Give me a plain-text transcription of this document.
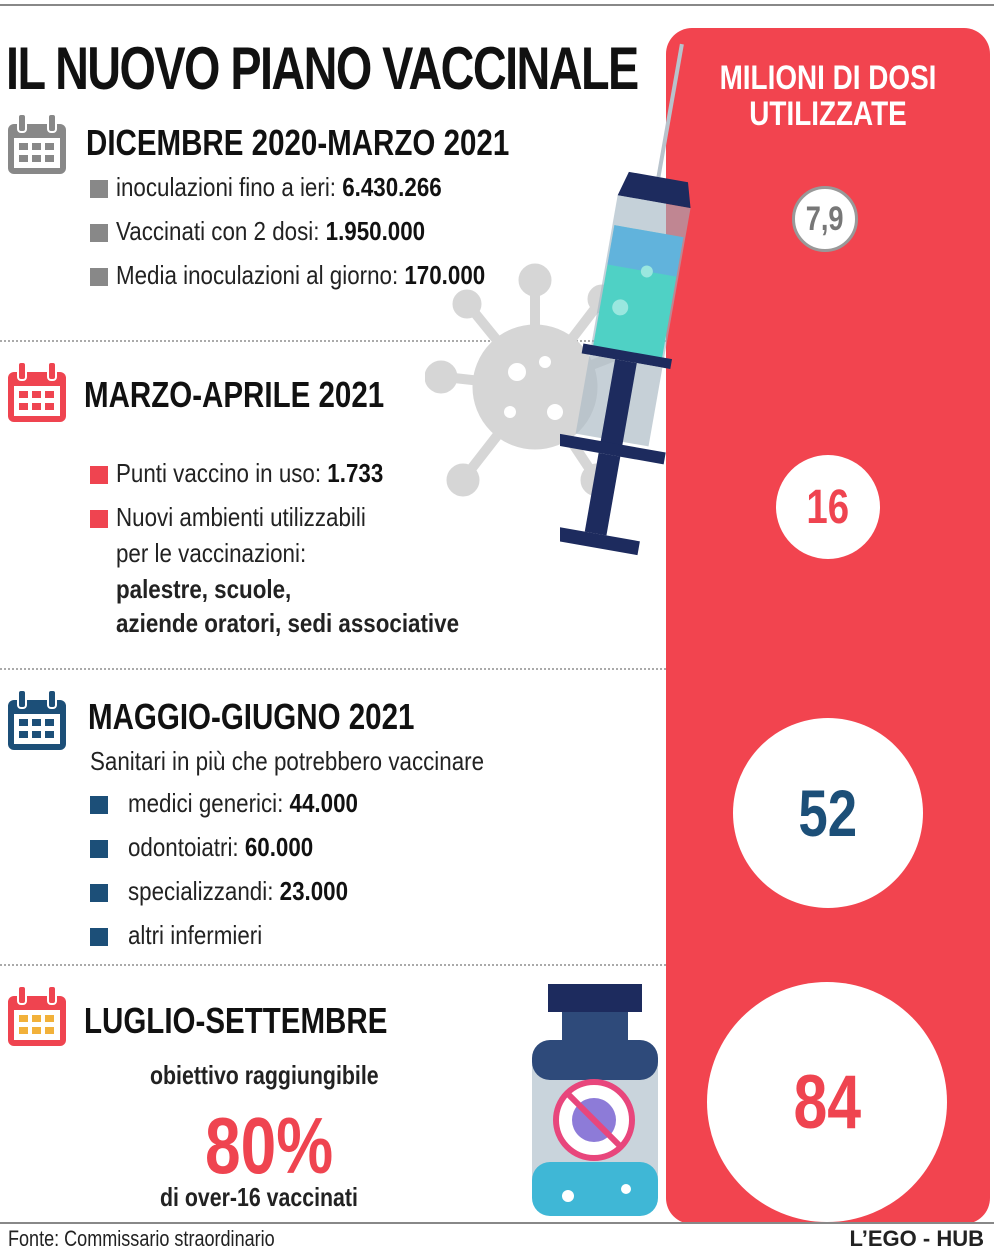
IL NUOVO PIANO VACCINALE	MILIONI DI DOSI
UTILIZZATE
7,9
16
52
84
DICEMBRE 2020-MARZO 2021
inoculazioni fino a ieri: 6.430.266
Vaccinati con 2 dosi: 1.950.000
Media inoculazioni al giorno: 170.000
MARZO-APRILE 2021
Punti vaccino in uso: 1.733
Nuovi ambienti utilizzabili
per le vaccinazioni:
palestre, scuole,
aziende oratori, sedi associative
MAGGIO-GIUGNO 2021
Sanitari in più che potrebbero vaccinare
medici generici: 44.000
odontoiatri: 60.000
specializzandi: 23.000
altri infermieri
LUGLIO-SETTEMBRE
obiettivo raggiungibile
80%
di over-16 vaccinati
Fonte: Commissario straordinario	L’EGO - HUB
